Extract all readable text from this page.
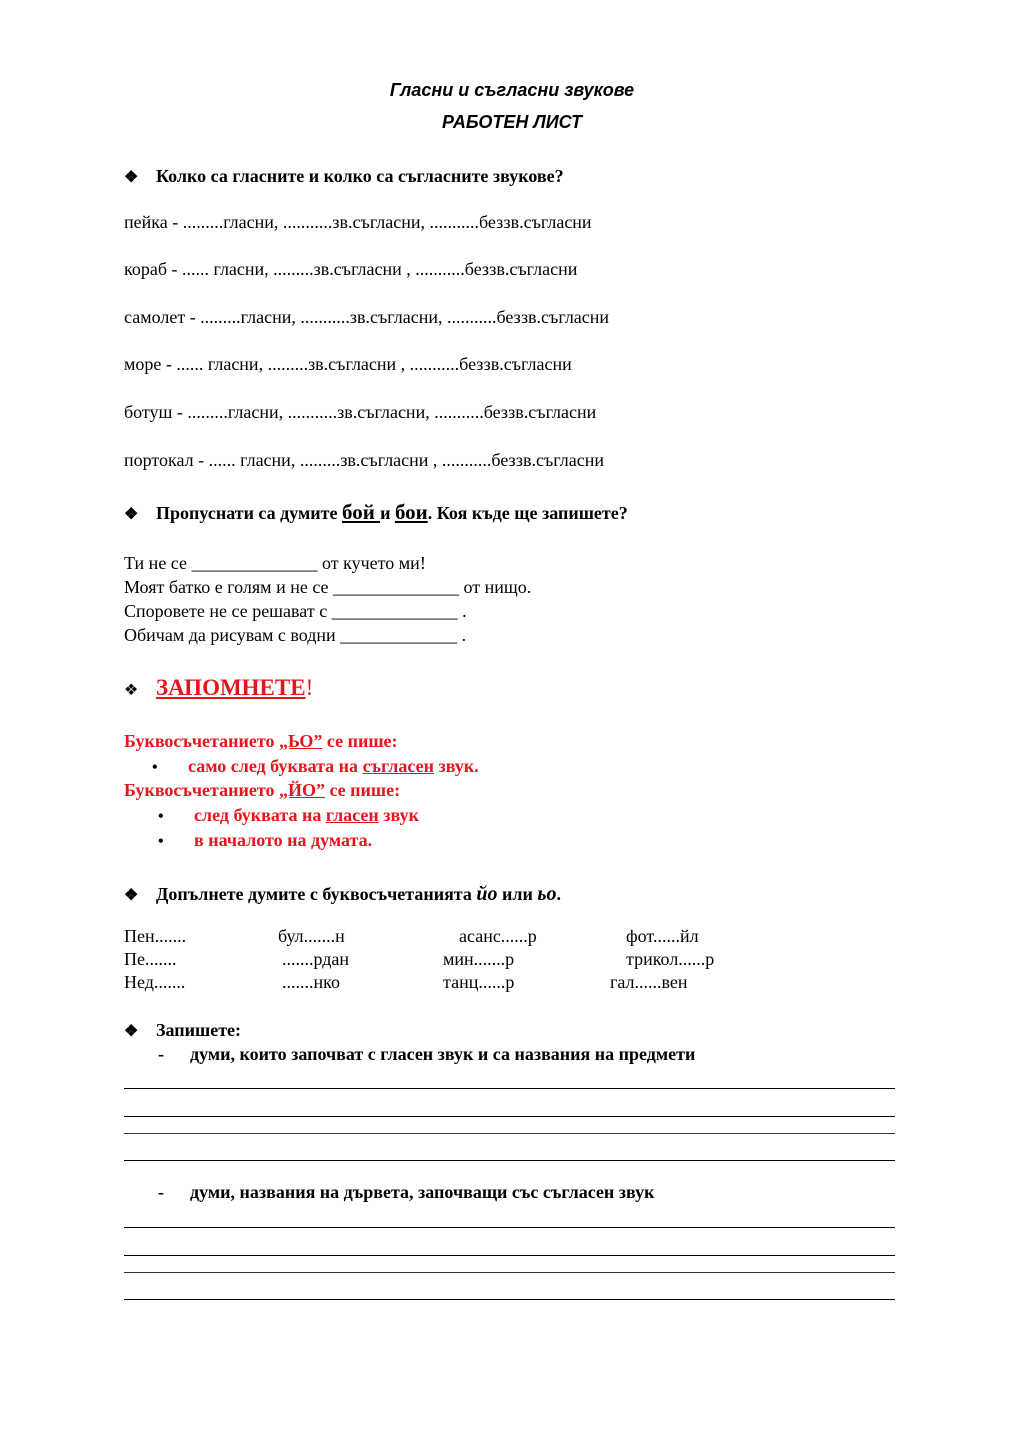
Гласни и съгласни звукове
РАБОТЕН ЛИСТ
❖ Колко са гласните и колко са съгласните звукове?
пейка - .........гласни, ...........зв.съгласни, ...........беззв.съгласни
кораб - ...... гласни, .........зв.съгласни , ...........беззв.съгласни
самолет - .........гласни, ...........зв.съгласни, ...........беззв.съгласни
море - ...... гласни, .........зв.съгласни , ...........беззв.съгласни
ботуш - .........гласни, ...........зв.съгласни, ...........беззв.съгласни
портокал - ...... гласни, .........зв.съгласни , ...........беззв.съгласни
❖ Пропуснати са думите бой и бои. Коя къде ще запишете?
Ти не се ______________ от кучето ми!
Моят батко е голям и не се ______________ от нищо.
Споровете не се решават с ______________ .
Обичам да рисувам с водни _____________ .
❖ ЗАПОМНЕТЕ!
Буквосъчетанието „ЬО” се пише:
• само след буквата на съгласен звук.
Буквосъчетанието „ЙО” се пише:
• след буквата на гласен звук
• в началото на думата.
❖ Допълнете думите с буквосъчетанията йо или ьо.
Пен.......	бул.......н	асанс......р	фот......йл
Пе.......	.......рдан	мин.......р	трикол......р
Нед.......	.......нко	танц......р	гал......вен
❖ Запишете:
- думи, които започват с гласен звук и са названия на предмети
- думи, названия на дървета, започващи със съгласен звук
